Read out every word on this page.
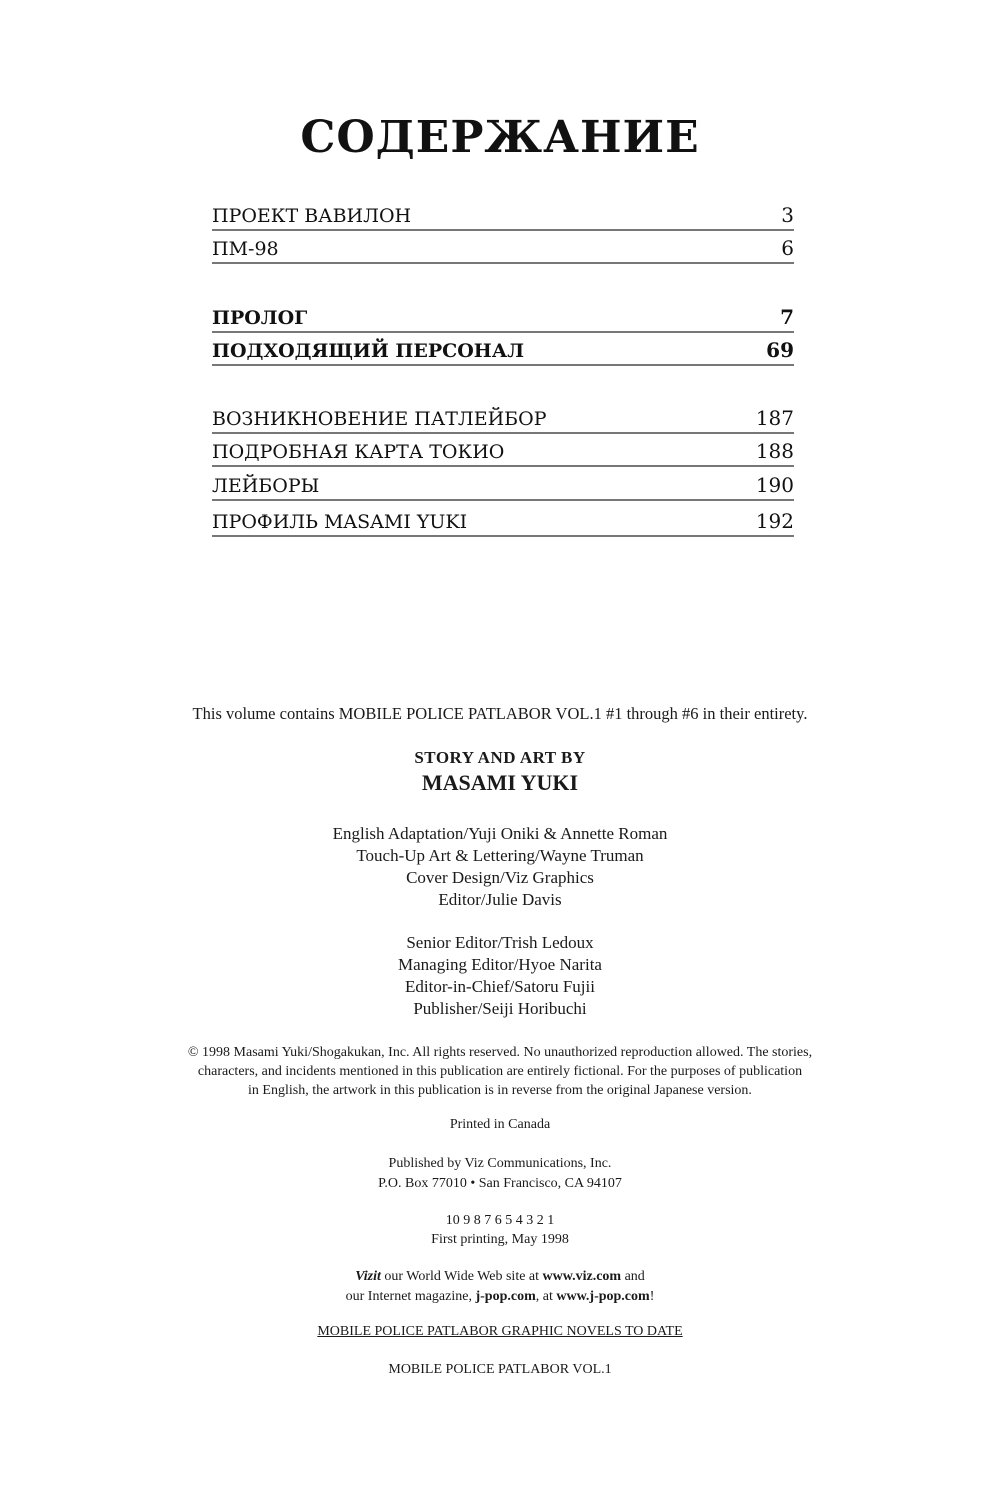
СОДЕРЖАНИЕ
ПРОЕКТ ВАВИЛОН	3
ПМ-98	6
ПРОЛОГ	7
ПОДХОДЯЩИЙ ПЕРСОНАЛ	69
ВОЗНИКНОВЕНИЕ ПАТЛЕЙБОР	187
ПОДРОБНАЯ КАРТА ТОКИО	188
ЛЕЙБОРЫ	190
ПРОФИЛЬ MASAMI YUKI	192
This volume contains MOBILE POLICE PATLABOR VOL.1 #1 through #6 in their entirety.
STORY AND ART BY
MASAMI YUKI
English Adaptation/Yuji Oniki & Annette Roman
Touch-Up Art & Lettering/Wayne Truman
Cover Design/Viz Graphics
Editor/Julie Davis
Senior Editor/Trish Ledoux
Managing Editor/Hyoe Narita
Editor-in-Chief/Satoru Fujii
Publisher/Seiji Horibuchi
© 1998 Masami Yuki/Shogakukan, Inc. All rights reserved. No unauthorized reproduction allowed. The stories,
characters, and incidents mentioned in this publication are entirely fictional. For the purposes of publication
in English, the artwork in this publication is in reverse from the original Japanese version.
Printed in Canada
Published by Viz Communications, Inc.
P.O. Box 77010 • San Francisco, CA 94107
10 9 8 7 6 5 4 3 2 1
First printing, May 1998
Vizit our World Wide Web site at www.viz.com and
our Internet magazine, j-pop.com, at www.j-pop.com!
MOBILE POLICE PATLABOR GRAPHIC NOVELS TO DATE
MOBILE POLICE PATLABOR VOL.1
